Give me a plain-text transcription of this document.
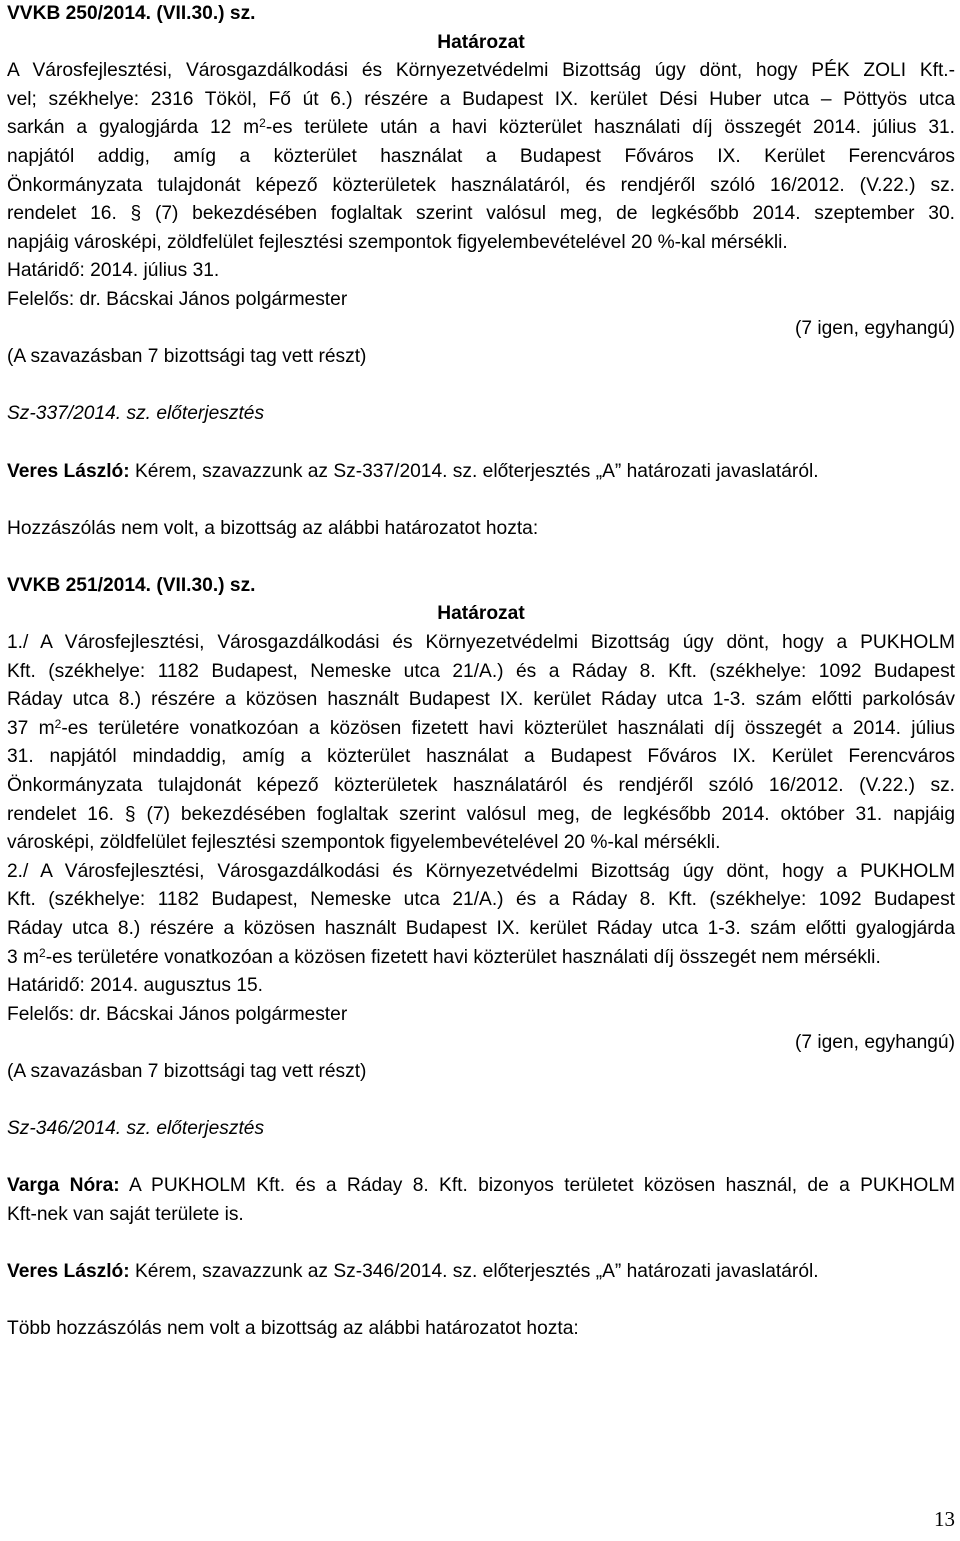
VVKB 250/2014. (VII.30.) sz.

Határozat

A Városfejlesztési, Városgazdálkodási és Környezetvédelmi Bizottság úgy dönt, hogy PÉK ZOLI Kft.-

vel; székhelye: 2316 Tököl, Fő út 6.) részére a Budapest IX. kerület Dési Huber utca – Pöttyös utca

sarkán a gyalogjárda 12 $m^2-es$ területe után a havi közterület használati díj összegét 2014. július 31.

napjától addig, amíg a közterület használat a Budapest Főváros IX. Kerület Ferencváros

Önkormányzata tulajdonát képező közterületek használatáról, és rendjéről szóló 16/2012. (V.22.) sz.

rendelet 16. § (7) bekezdésében foglaltak szerint valósul meg, de legkésőbb 2014. szeptember 30.

napjáig városképi, zöldfelület fejlesztési szempontok figyelembevételével 20 %-kal mérsékli.

Határidő: 2014. július 31.

Felelős: dr. Bácskai János polgármester

(7 igen, egyhangú)

(A szavazásban 7 bizottsági tag vett részt)

Sz-337/2014. sz. előterjesztés

Veres László: Kérem, szavazzunk az Sz-337/2014. sz. előterjesztés „A” határozati javaslatáról.

Hozzászólás nem volt, a bizottság az alábbi határozatot hozta:

VVKB 251/2014. (VII.30.) sz.

Határozat

1./ A Városfejlesztési, Városgazdálkodási és Környezetvédelmi Bizottság úgy dönt, hogy a PUKHOLM

Kft. (székhelye: 1182 Budapest, Nemeske utca 21/A.) és a Ráday 8. Kft. (székhelye: 1092 Budapest

Ráday utca 8.) részére a közösen használt Budapest IX. kerület Ráday utca 1-3. szám előtti parkolósáv

37 $m^2-es$ területére vonatkozóan a közösen fizetett havi közterület használati díj összegét a 2014. július

31. napjától mindaddig, amíg a közterület használat a Budapest Főváros IX. Kerület Ferencváros

Önkormányzata tulajdonát képező közterületek használatáról és rendjéről szóló 16/2012. (V.22.) sz.

rendelet 16. § (7) bekezdésében foglaltak szerint valósul meg, de legkésőbb 2014. október 31. napjáig

városképi, zöldfelület fejlesztési szempontok figyelembevételével 20 %-kal mérsékli.

2./ A Városfejlesztési, Városgazdálkodási és Környezetvédelmi Bizottság úgy dönt, hogy a PUKHOLM

Kft. (székhelye: 1182 Budapest, Nemeske utca 21/A.) és a Ráday 8. Kft. (székhelye: 1092 Budapest

Ráday utca 8.) részére a közösen használt Budapest IX. kerület Ráday utca 1-3. szám előtti gyalogjárda

3 $m^2-es$ területére vonatkozóan a közösen fizetett havi közterület használati díj összegét nem mérsékli.

Határidő: 2014. augusztus 15.

Felelős: dr. Bácskai János polgármester

(7 igen, egyhangú)

(A szavazásban 7 bizottsági tag vett részt)

Sz-346/2014. sz. előterjesztés

Varga Nóra: A PUKHOLM Kft. és a Ráday 8. Kft. bizonyos területet közösen használ, de a PUKHOLM

Kft-nek van saját területe is.

Veres László: Kérem, szavazzunk az Sz-346/2014. sz. előterjesztés „A” határozati javaslatáról.

Több hozzászólás nem volt a bizottság az alábbi határozatot hozta:

13
